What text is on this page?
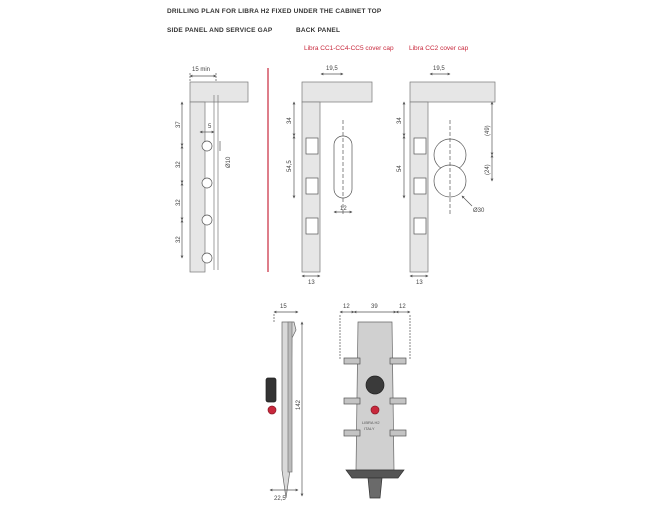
DRILLING PLAN FOR LIBRA H2 FIXED UNDER THE CABINET TOP
SIDE PANEL AND SERVICE GAP	BACK PANEL
Libra CC1-CC4-CC5 cover cap Libra CC2 cover cap
15 min
37	5
Ø10
32
32
32
19,5
34
54,5
12
13
19,5
34
54
(49)
(24)
Ø30
13
15
142
22,5
12	39	12
LIBRA H2
ITALY
